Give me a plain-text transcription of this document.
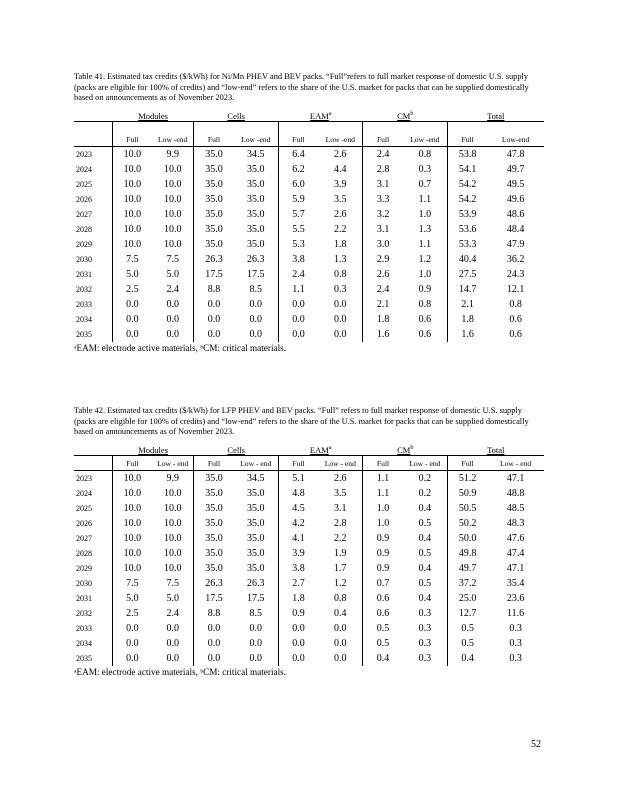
Table 41. Estimated tax credits ($/kWh) for Ni/Mn PHEV and BEV packs. “Full”refers to full market response of domestic U.S. supply (packs are eligible for 100% of credits) and “low-end” refers to the share of the U.S. market for packs that can be supplied domestically based on announcements as of November 2023.

	Modules		Cells		EAM$^a$		$CM^b$		Total	
	Full	Low -end	Full	Low -end	Full	Low -end	Full	Low -end	Full	Low-end
2023	10.0	9.9	35.0	34.5	6.4	2.6	2.4	0.8	53.8	47.8
2024	10.0	10.0	35.0	35.0	6.2	4.4	2.8	0.3	54.1	49.7
2025	10.0	10.0	35.0	35.0	6.0	3.9	3.1	0.7	54.2	49.5
2026	10.0	10.0	35.0	35.0	5.9	3.5	3.3	1.1	54.2	49.6
2027	10.0	10.0	35.0	35.0	5.7	2.6	3.2	1.0	53.9	48.6
2028	10.0	10.0	35.0	35.0	5.5	2.2	3.1	1.3	53.6	48.4
2029	10.0	10.0	35.0	35.0	5.3	1.8	3.0	1.1	53.3	47.9
2030	7.5	7.5	26.3	26.3	3.8	1.3	2.9	1.2	40.4	36.2
2031	5.0	5.0	17.5	17.5	2.4	0.8	2.6	1.0	27.5	24.3
2032	2.5	2.4	8.8	8.5	1.1	0.3	2.4	0.9	14.7	12.1
2033	0.0	0.0	0.0	0.0	0.0	0.0	2.1	0.8	2.1	0.8
2034	0.0	0.0	0.0	0.0	0.0	0.0	1.8	0.6	1.8	0.6
2035	0.0	0.0	0.0	0.0	0.0	0.0	1.6	0.6	1.6	0.6
ᵃEAM: electrode active materials, ᵇCM: critical materials.

Table 42. Estimated tax credits ($/kWh) for LFP PHEV and BEV packs. “Full” refers to full market response of domestic U.S. supply (packs are eligible for 100% of credits) and “low-end” refers to the share of the U.S. market for packs that can be supplied domestically based on announcements as of November 2023.

	Modules		Cells		EAM$^a$		$CM^b$		Total	
	Full	Low - end	Full	Low - end	Full	Low - end	Full	Low - end	Full	Low - end
2023	10.0	9.9	35.0	34.5	5.1	2.6	1.1	0.2	51.2	47.1
2024	10.0	10.0	35.0	35.0	4.8	3.5	1.1	0.2	50.9	48.8
2025	10.0	10.0	35.0	35.0	4.5	3.1	1.0	0.4	50.5	48.5
2026	10.0	10.0	35.0	35.0	4.2	2.8	1.0	0.5	50.2	48.3
2027	10.0	10.0	35.0	35.0	4.1	2.2	0.9	0.4	50.0	47.6
2028	10.0	10.0	35.0	35.0	3.9	1.9	0.9	0.5	49.8	47.4
2029	10.0	10.0	35.0	35.0	3.8	1.7	0.9	0.4	49.7	47.1
2030	7.5	7.5	26.3	26.3	2.7	1.2	0.7	0.5	37.2	35.4
2031	5.0	5.0	17.5	17.5	1.8	0.8	0.6	0.4	25.0	23.6
2032	2.5	2.4	8.8	8.5	0.9	0.4	0.6	0.3	12.7	11.6
2033	0.0	0.0	0.0	0.0	0.0	0.0	0.5	0.3	0.5	0.3
2034	0.0	0.0	0.0	0.0	0.0	0.0	0.5	0.3	0.5	0.3
2035	0.0	0.0	0.0	0.0	0.0	0.0	0.4	0.3	0.4	0.3
ᵃEAM: electrode active materials, ᵇCM: critical materials.
52
